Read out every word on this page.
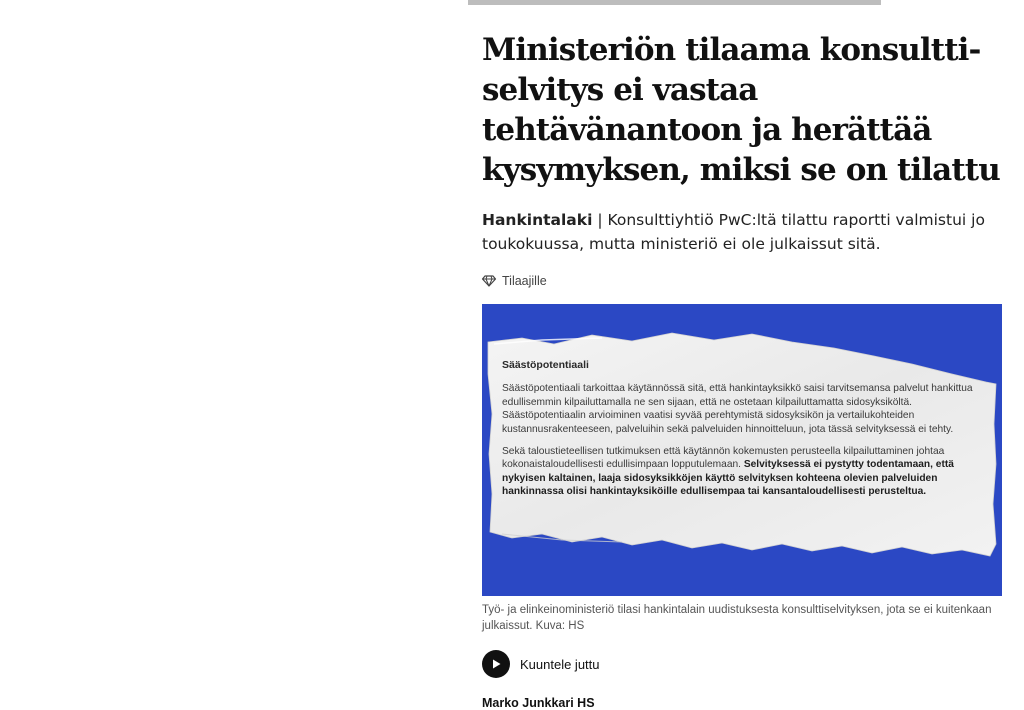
Ministeriön tilaama konsultti-selvitys ei vastaa tehtävänantoon ja herättää kysymyksen, miksi se on tilattu

Hankintalaki | Konsulttiyhtiö PwC:ltä tilattu raportti valmistui jo toukokuussa, mutta ministeriö ei ole julkaissut sitä.

Tilaajille
Säästöpotentiaali

Säästöpotentiaali tarkoittaa käytännössä sitä, että hankintayksikkö saisi tarvitsemansa palvelut hankittua edullisemmin kilpailuttamalla ne sen sijaan, että ne ostetaan kilpailuttamatta sidosyksiköltä. Säästöpotentiaalin arvioiminen vaatisi syvää perehtymistä sidosyksikön ja vertailukohteiden kustannusrakenteeseen, palveluihin sekä palveluiden hinnoitteluun, jota tässä selvityksessä ei tehty.

Sekä taloustieteellisen tutkimuksen että käytännön kokemusten perusteella kilpailuttaminen johtaa kokonaistaloudellisesti edullisimpaan lopputulemaan. Selvityksessä ei pystytty todentamaan, että nykyisen kaltainen, laaja sidosyksikköjen käyttö selvityksen kohteena olevien palveluiden hankinnassa olisi hankintayksiköille edullisempaa tai kansantaloudellisesti perusteltua.

Työ- ja elinkeinoministeriö tilasi hankintalain uudistuksesta konsulttiselvityksen, jota se ei kuitenkaan julkaissut. Kuva: HS
Kuuntele juttu
Marko Junkkari HS
